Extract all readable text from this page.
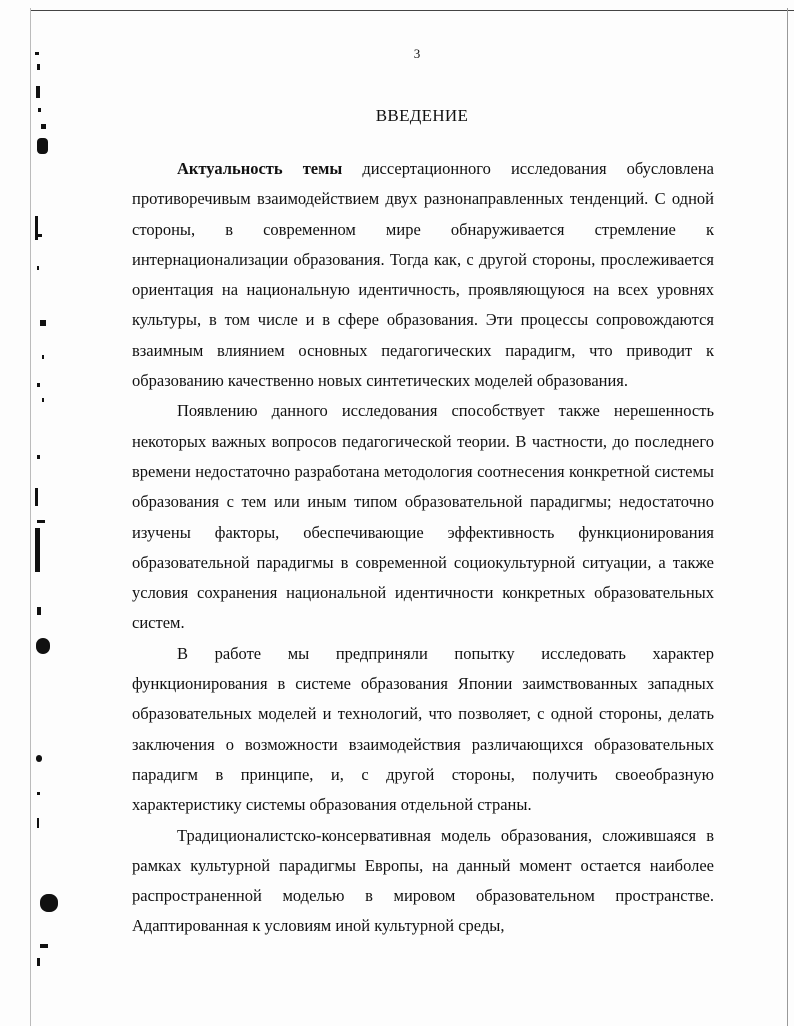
3
ВВЕДЕНИЕ

Актуальность темы диссертационного исследования обусловлена противоречивым взаимодействием двух разнонаправленных тенденций. С одной стороны, в современном мире обнаруживается стремление к интернационализации образования. Тогда как, с другой стороны, прослеживается ориентация на национальную идентичность, проявляющуюся на всех уровнях культуры, в том числе и в сфере образования. Эти процессы сопровождаются взаимным влиянием основных педагогических парадигм, что приводит к образованию качественно новых синтетических моделей образования.

Появлению данного исследования способствует также нерешенность некоторых важных вопросов педагогической теории. В частности, до последнего времени недостаточно разработана методология соотнесения конкретной системы образования с тем или иным типом образовательной парадигмы; недостаточно изучены факторы, обеспечивающие эффективность функционирования образовательной парадигмы в современной социокультурной ситуации, а также условия сохранения национальной идентичности конкретных образовательных систем.

В работе мы предприняли попытку исследовать характер функционирования в системе образования Японии заимствованных западных образовательных моделей и технологий, что позволяет, с одной стороны, делать заключения о возможности взаимодействия различающихся образовательных парадигм в принципе, и, с другой стороны, получить своеобразную характеристику системы образования отдельной страны.

Традиционалистско-консервативная модель образования, сложившаяся в рамках культурной парадигмы Европы, на данный момент остается наиболее распространенной моделью в мировом образовательном пространстве. Адаптированная к условиям иной культурной среды,
